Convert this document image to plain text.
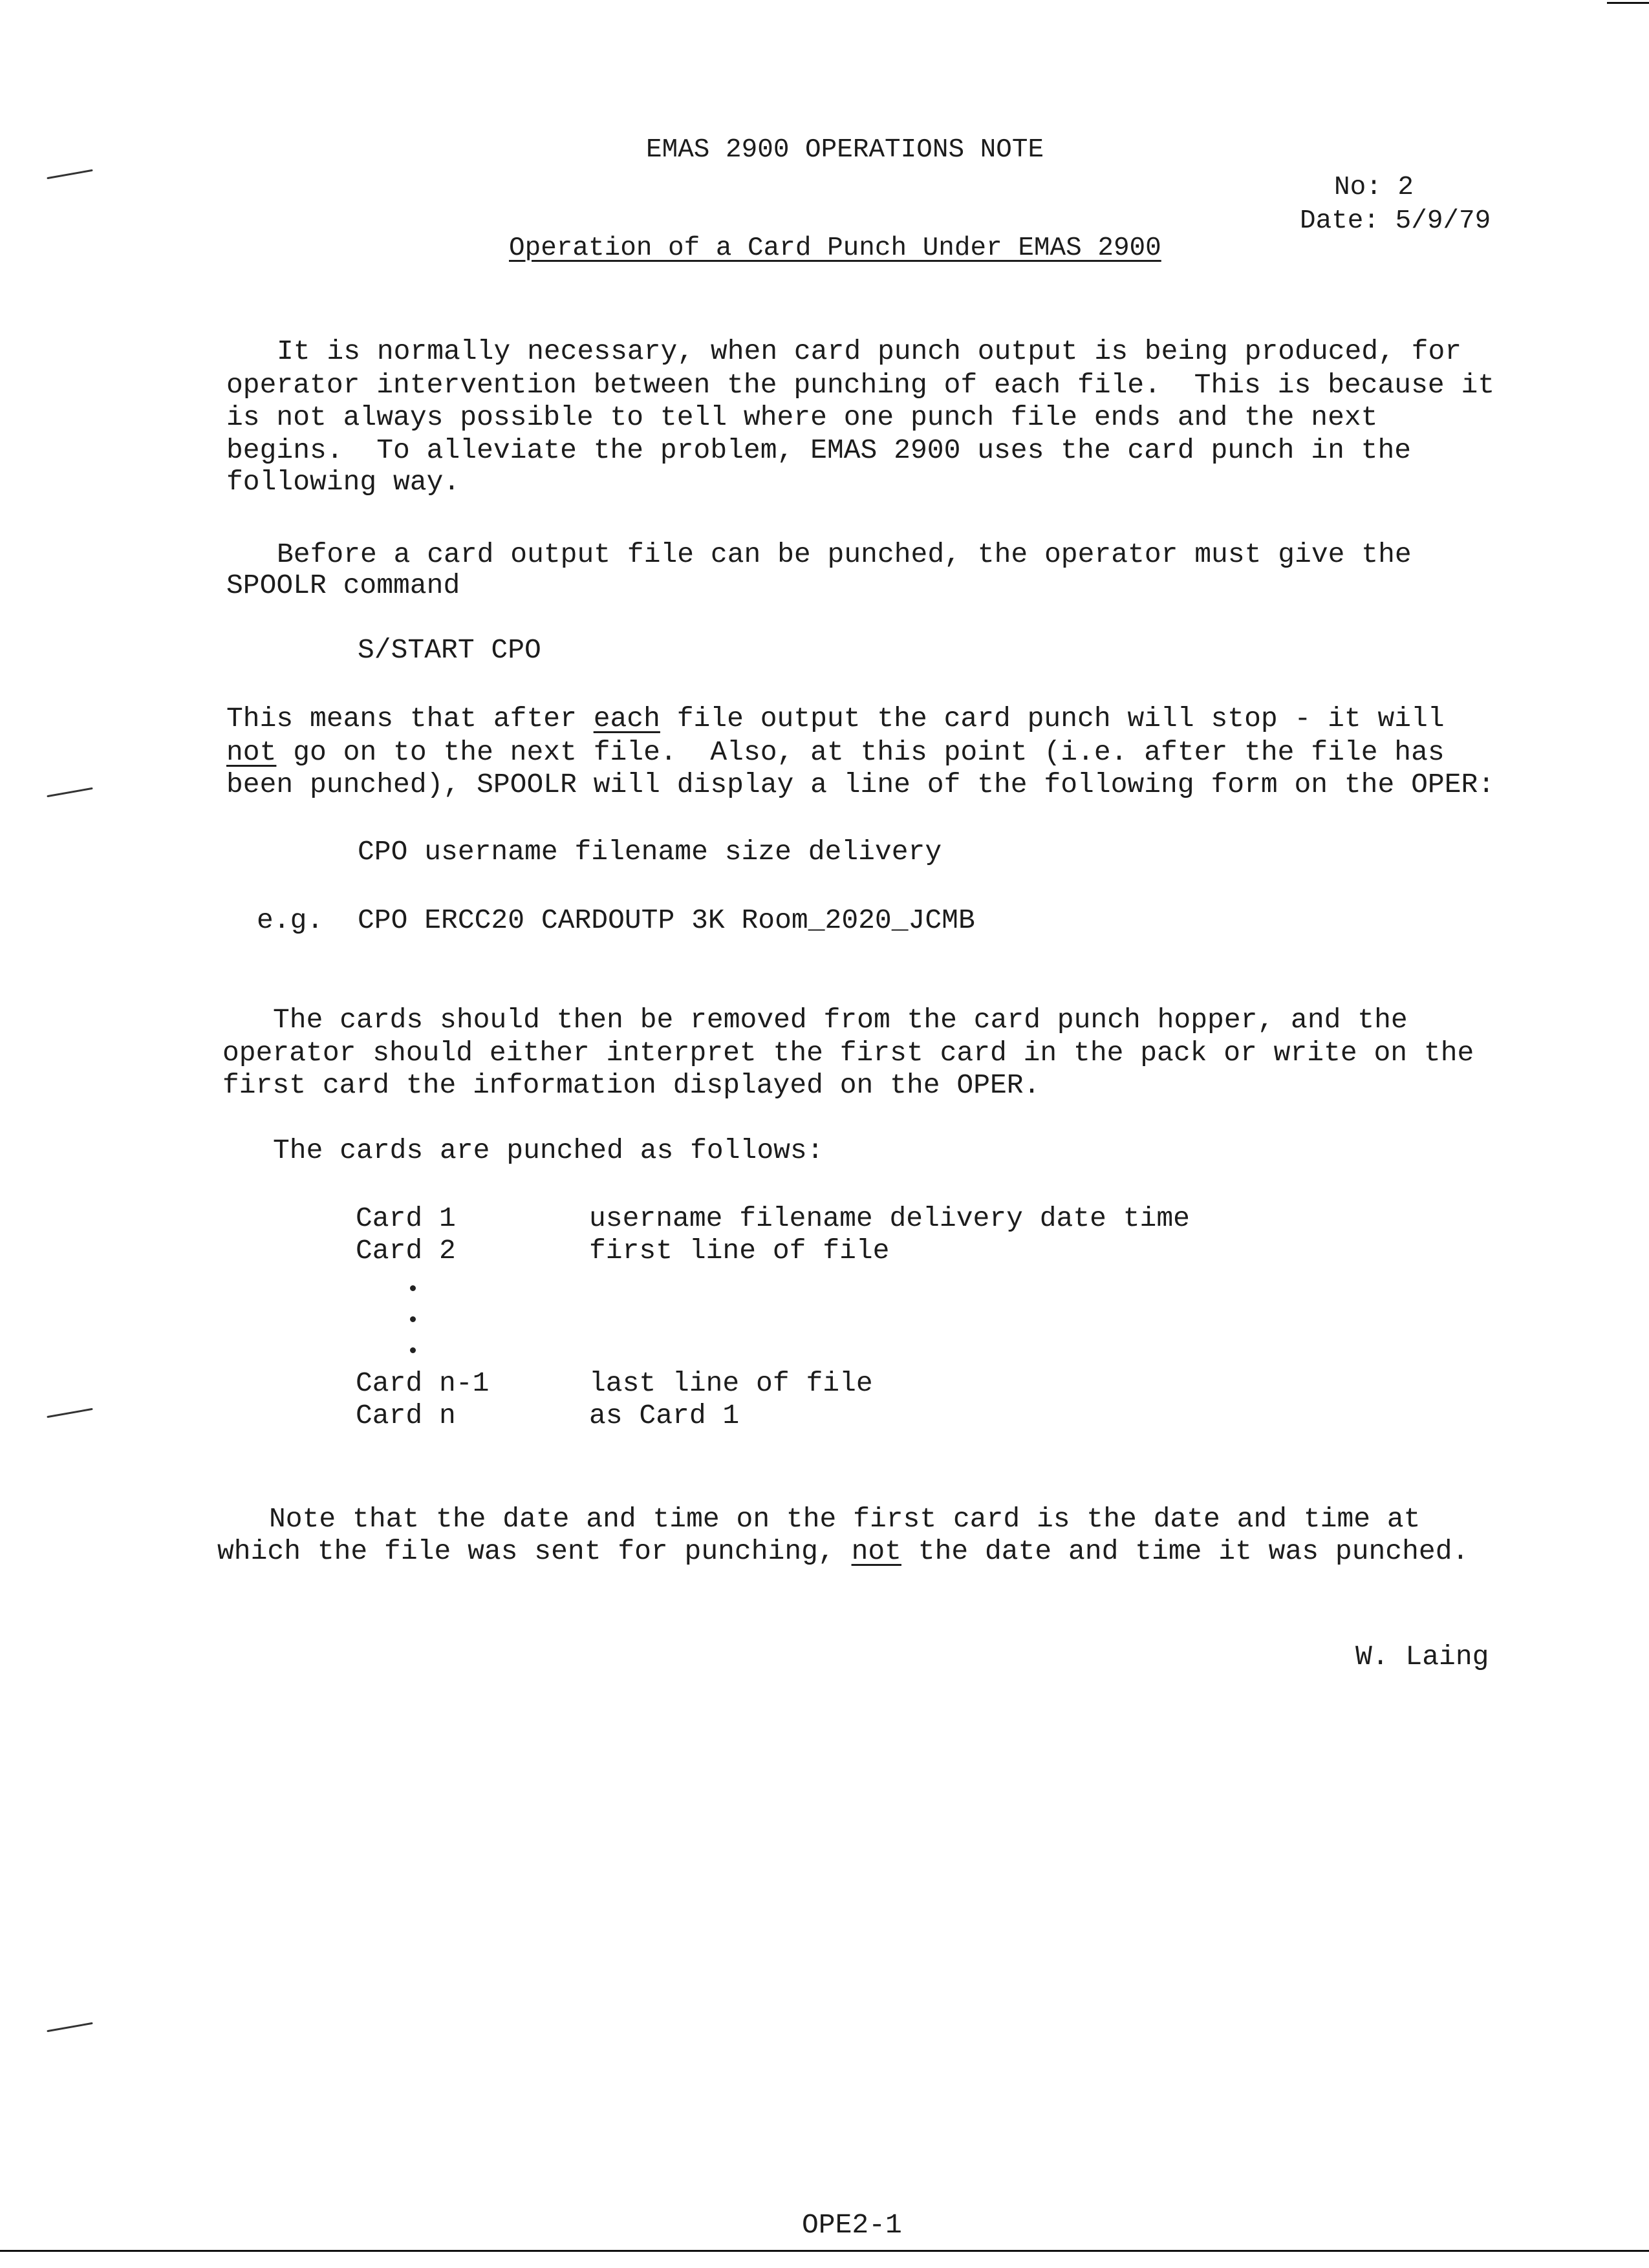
EMAS 2900 OPERATIONS NOTE
No: 2
Date: 5/9/79
Operation of a Card Punch Under EMAS 2900
It is normally necessary, when card punch output is being produced, for
operator intervention between the punching of each file.  This is because it
is not always possible to tell where one punch file ends and the next
begins.  To alleviate the problem, EMAS 2900 uses the card punch in the
following way.
Before a card output file can be punched, the operator must give the
SPOOLR command
S/START CPO
This means that after each file output the card punch will stop - it will
not go on to the next file.  Also, at this point (i.e. after the file has
been punched), SPOOLR will display a line of the following form on the OPER:
CPO username filename size delivery
e.g. CPO ERCC20 CARDOUTP 3K Room_2020_JCMB
The cards should then be removed from the card punch hopper, and the
operator should either interpret the first card in the pack or write on the
first card the information displayed on the OPER.
The cards are punched as follows:
Card 1	username filename delivery date time
Card 2	first line of file
Card n-1	last line of file
Card n	as Card 1
Note that the date and time on the first card is the date and time at
which the file was sent for punching, not the date and time it was punched.
W. Laing
OPE2-1
